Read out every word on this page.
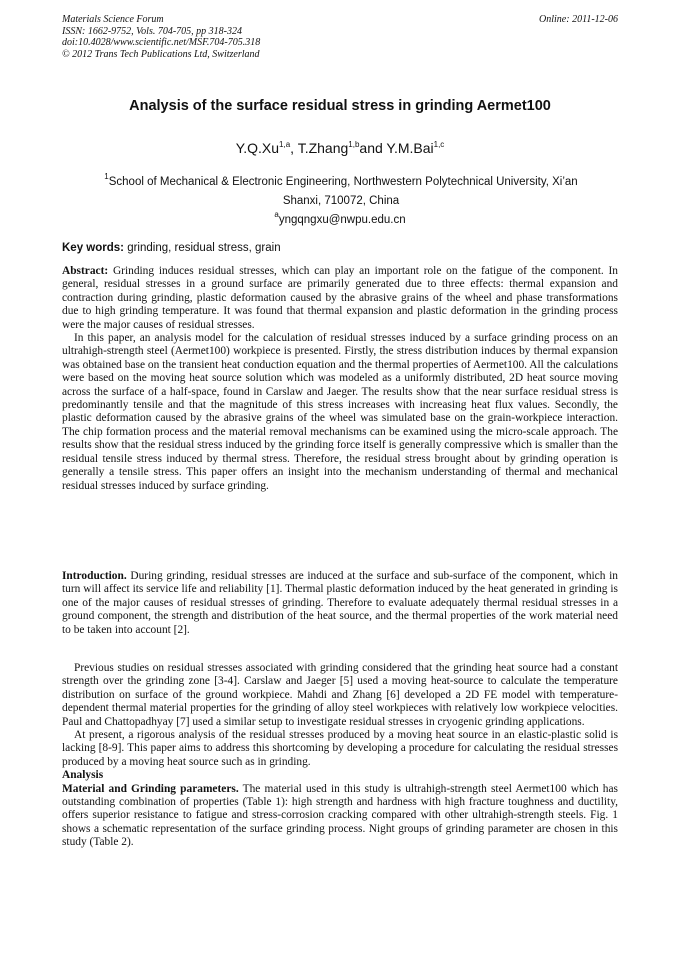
Materials Science Forum
ISSN: 1662-9752, Vols. 704-705, pp 318-324
doi:10.4028/www.scientific.net/MSF.704-705.318
© 2012 Trans Tech Publications Ltd, Switzerland
Online: 2011-12-06
Analysis of the surface residual stress in grinding Aermet100
Y.Q.Xu$^{1,a}$, T.Zhang$^{1,b}$and Y.M.Bai$^{1,c}$
$^1$School of Mechanical & Electronic Engineering, Northwestern Polytechnical University, Xi’an
Shanxi, 710072, China
$^a$yngqngxu@nwpu.edu.cn
Key words: grinding, residual stress, grain

Abstract: Grinding induces residual stresses, which can play an important role on the fatigue of the component. In general, residual stresses in a ground surface are primarily generated due to three effects: thermal expansion and contraction during grinding, plastic deformation caused by the abrasive grains of the wheel and phase transformations due to high grinding temperature. It was found that thermal expansion and plastic deformation in the grinding process were the major causes of residual stresses.

In this paper, an analysis model for the calculation of residual stresses induced by a surface grinding process on an ultrahigh-strength steel (Aermet100) workpiece is presented. Firstly, the stress distribution induces by thermal expansion was obtained base on the transient heat conduction equation and the thermal properties of Aermet100. All the calculations were based on the moving heat source solution which was modeled as a uniformly distributed, 2D heat source moving across the surface of a half-space, found in Carslaw and Jaeger. The results show that the near surface residual stress is predominantly tensile and that the magnitude of this stress increases with increasing heat flux values. Secondly, the plastic deformation caused by the abrasive grains of the wheel was simulated base on the grain-workpiece interaction. The chip formation process and the material removal mechanisms can be examined using the micro-scale approach. The results show that the residual stress induced by the grinding force itself is generally compressive which is smaller than the residual tensile stress induced by thermal stress. Therefore, the residual stress brought about by grinding operation is generally a tensile stress. This paper offers an insight into the mechanism understanding of thermal and mechanical residual stresses induced by surface grinding.

Introduction. During grinding, residual stresses are induced at the surface and sub-surface of the component, which in turn will affect its service life and reliability [1]. Thermal plastic deformation induced by the heat generated in grinding is one of the major causes of residual stresses of grinding. Therefore to evaluate adequately thermal residual stresses in a ground component, the strength and distribution of the heat source, and the thermal properties of the work material need to be taken into account [2].

Previous studies on residual stresses associated with grinding considered that the grinding heat source had a constant strength over the grinding zone [3-4]. Carslaw and Jaeger [5] used a moving heat-source to calculate the temperature distribution on surface of the ground workpiece. Mahdi and Zhang [6] developed a 2D FE model with temperature-dependent thermal material properties for the grinding of alloy steel workpieces with relatively low workpiece velocities. Paul and Chattopadhyay [7] used a similar setup to investigate residual stresses in cryogenic grinding applications.

At present, a rigorous analysis of the residual stresses produced by a moving heat source in an elastic-plastic solid is lacking [8-9]. This paper aims to address this shortcoming by developing a procedure for calculating the residual stresses produced by a moving heat source such as in grinding.

Analysis

Material and Grinding parameters. The material used in this study is ultrahigh-strength steel Aermet100 which has outstanding combination of properties (Table 1): high strength and hardness with high fracture toughness and ductility, offers superior resistance to fatigue and stress-corrosion cracking compared with other ultrahigh-strength steels. Fig. 1 shows a schematic representation of the surface grinding process. Night groups of grinding parameter are chosen in this study (Table 2).
